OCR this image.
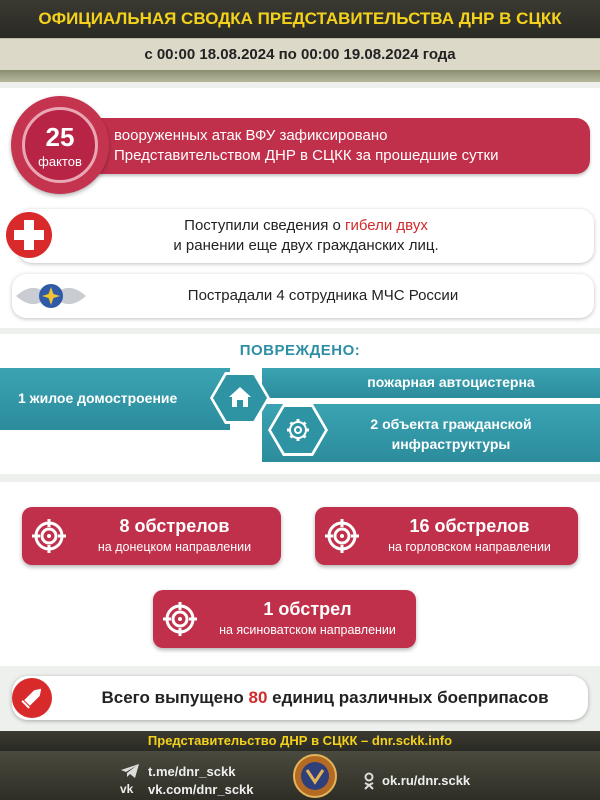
ОФИЦИАЛЬНАЯ СВОДКА ПРЕДСТАВИТЕЛЬСТВА ДНР В СЦКК
с 00:00 18.08.2024 по 00:00 19.08.2024 года
вооруженных атак ВФУ зафиксировано
Представительством ДНР в СЦКК за прошедшие сутки
25
фактов
Поступили сведения о гибели двух
и ранении еще двух гражданских лиц.
Пострадали 4 сотрудника МЧС России
ПОВРЕЖДЕНО:
1 жилое домостроение
пожарная автоцистерна
2 объекта гражданской
инфраструктуры
8 обстрелов
на донецком направлении
16 обстрелов
на горловском направлении
1 обстрел
на ясиноватском направлении
Всего выпущено 80 единиц различных боеприпасов
Представительство ДНР в СЦКК – dnr.sckk.info
t.me/dnr_sckk
vk vk.com/dnr_sckk
ok.ru/dnr.sckk
